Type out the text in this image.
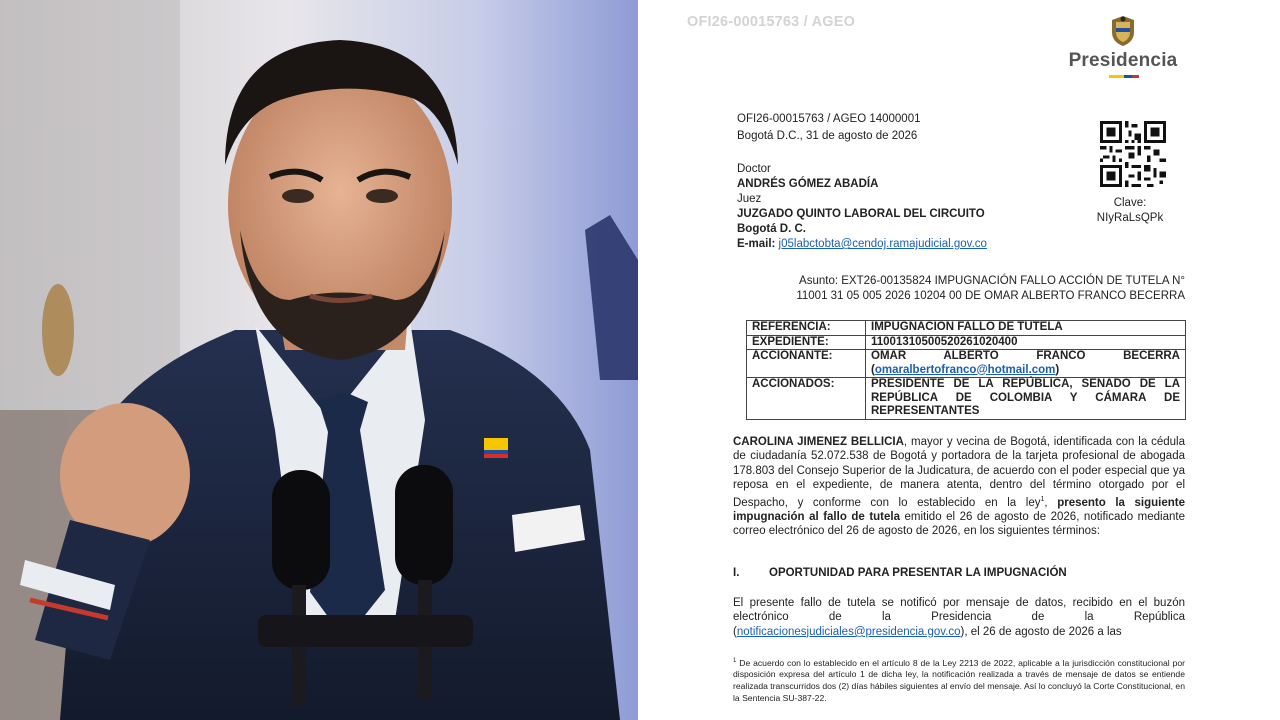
OFI26-00015763 / AGEO
Presidencia
OFI26-00015763 / AGEO 14000001
Bogotá D.C., 31 de agosto de 2026
Clave:
NIyRaLsQPk
Doctor
ANDRÉS GÓMEZ ABADÍA
Juez
JUZGADO QUINTO LABORAL DEL CIRCUITO
Bogotá D. C.
E-mail: j05labctobta@cendoj.ramajudicial.gov.co
Asunto: EXT26-00135824 IMPUGNACIÓN FALLO ACCIÓN DE TUTELA N°
11001 31 05 005 2026 10204 00 DE OMAR ALBERTO FRANCO BECERRA
REFERENCIA:	IMPUGNACION FALLO DE TUTELA
EXPEDIENTE:	11001310500520261020400
ACCIONANTE:	OMAR ALBERTO FRANCO BECERRA
(omaralbertofranco@hotmail.com)

ACCIONADOS:	PRESIDENTE DE LA REPÚBLICA, SENADO DE LA REPÚBLICA DE COLOMBIA Y CÁMARA DE REPRESENTANTES
CAROLINA JIMENEZ BELLICIA, mayor y vecina de Bogotá, identificada con la cédula de ciudadanía 52.072.538 de Bogotá y portadora de la tarjeta profesional de abogada 178.803 del Consejo Superior de la Judicatura, de acuerdo con el poder especial que ya reposa en el expediente, de manera atenta, dentro del término otorgado por el Despacho, y conforme con lo establecido en la ley$^1$, presento la siguiente impugnación al fallo de tutela emitido el 26 de agosto de 2026, notificado mediante correo electrónico del 26 de agosto de 2026, en los siguientes términos:
I.	OPORTUNIDAD PARA PRESENTAR LA IMPUGNACIÓN
El presente fallo de tutela se notificó por mensaje de datos, recibido en el buzón electrónico de la Presidencia de la República (notificacionesjudiciales@presidencia.gov.co), el 26 de agosto de 2026 a las
$^1$ De acuerdo con lo establecido en el artículo 8 de la Ley 2213 de 2022, aplicable a la jurisdicción constitucional por disposición expresa del artículo 1 de dicha ley, la notificación realizada a través de mensaje de datos se entiende realizada transcurridos dos (2) días hábiles siguientes al envío del mensaje. Así lo concluyó la Corte Constitucional, en la Sentencia SU-387-22.
